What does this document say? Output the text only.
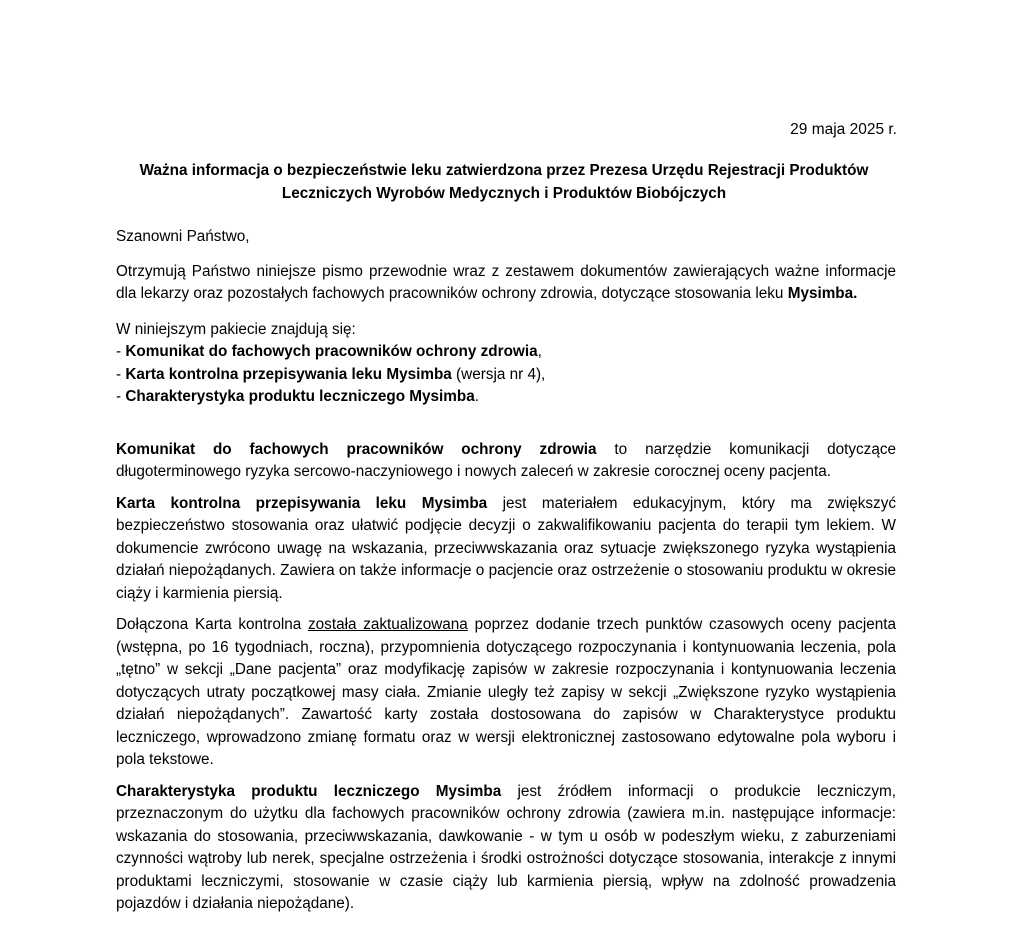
29 maja 2025 r.
Ważna informacja o bezpieczeństwie leku zatwierdzona przez Prezesa Urzędu Rejestracji Produktów Leczniczych Wyrobów Medycznych i Produktów Biobójczych

Szanowni Państwo,

Otrzymują Państwo niniejsze pismo przewodnie wraz z zestawem dokumentów zawierających ważne informacje dla lekarzy oraz pozostałych fachowych pracowników ochrony zdrowia, dotyczące stosowania leku Mysimba.

W niniejszym pakiecie znajdują się:
- Komunikat do fachowych pracowników ochrony zdrowia,
- Karta kontrolna przepisywania leku Mysimba (wersja nr 4),
- Charakterystyka produktu leczniczego Mysimba.

Komunikat do fachowych pracowników ochrony zdrowia to narzędzie komunikacji dotyczące długoterminowego ryzyka sercowo-naczyniowego i nowych zaleceń w zakresie corocznej oceny pacjenta.

Karta kontrolna przepisywania leku Mysimba jest materiałem edukacyjnym, który ma zwiększyć bezpieczeństwo stosowania oraz ułatwić podjęcie decyzji o zakwalifikowaniu pacjenta do terapii tym lekiem. W dokumencie zwrócono uwagę na wskazania, przeciwwskazania oraz sytuacje zwiększonego ryzyka wystąpienia działań niepożądanych. Zawiera on także informacje o pacjencie oraz ostrzeżenie o stosowaniu produktu w okresie ciąży i karmienia piersią.

Dołączona Karta kontrolna została zaktualizowana poprzez dodanie trzech punktów czasowych oceny pacjenta (wstępna, po 16 tygodniach, roczna), przypomnienia dotyczącego rozpoczynania i kontynuowania leczenia, pola „tętno” w sekcji „Dane pacjenta” oraz modyfikację zapisów w zakresie rozpoczynania i kontynuowania leczenia dotyczących utraty początkowej masy ciała. Zmianie uległy też zapisy w sekcji „Zwiększone ryzyko wystąpienia działań niepożądanych”. Zawartość karty została dostosowana do zapisów w Charakterystyce produktu leczniczego, wprowadzono zmianę formatu oraz w wersji elektronicznej zastosowano edytowalne pola wyboru i pola tekstowe.

Charakterystyka produktu leczniczego Mysimba jest źródłem informacji o produkcie leczniczym, przeznaczonym do użytku dla fachowych pracowników ochrony zdrowia (zawiera m.in. następujące informacje: wskazania do stosowania, przeciwwskazania, dawkowanie - w tym u osób w podeszłym wieku, z zaburzeniami czynności wątroby lub nerek, specjalne ostrzeżenia i środki ostrożności dotyczące stosowania, interakcje z innymi produktami leczniczymi, stosowanie w czasie ciąży lub karmienia piersią, wpływ na zdolność prowadzenia pojazdów i działania niepożądane).
